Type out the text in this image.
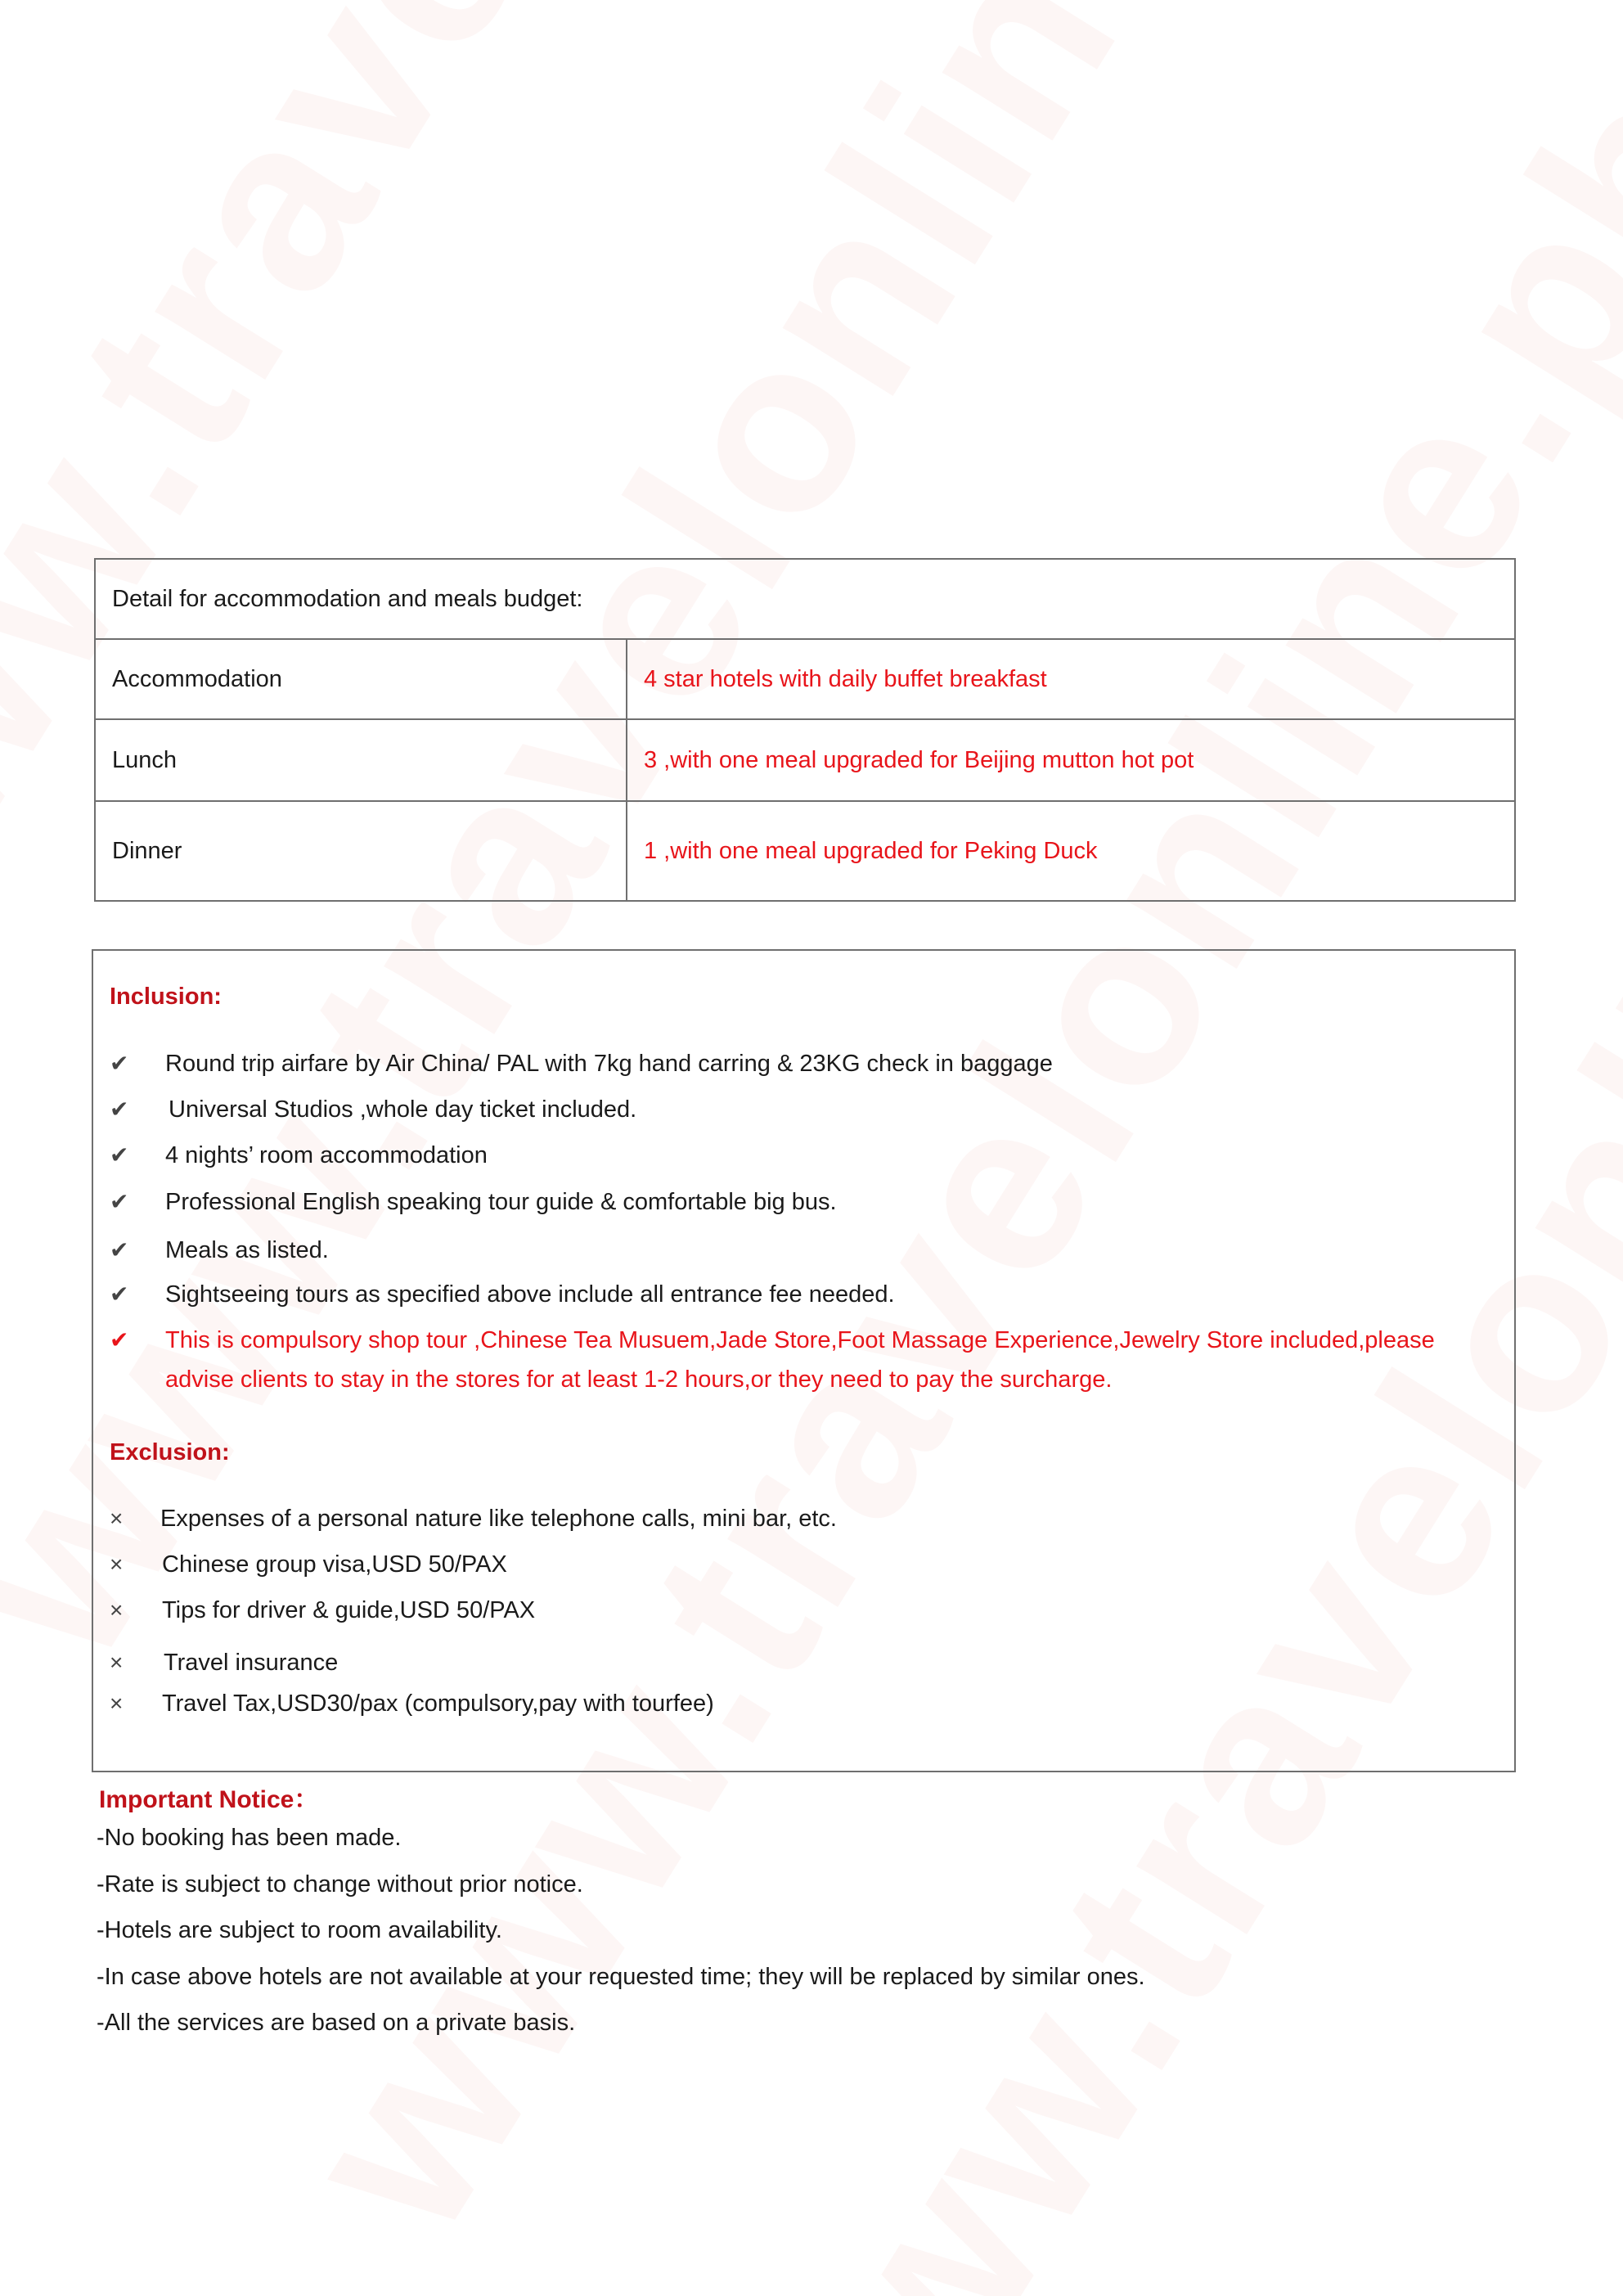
Detail for accommodation and meals budget:	
Accommodation	4 star hotels with daily buffet breakfast
Lunch	3 ,with one meal upgraded for Beijing mutton hot pot
Dinner	1 ,with one meal upgraded for Peking Duck
Inclusion:
✔	Round trip airfare by Air China/ PAL with 7kg hand carring & 23KG check in baggage
✔	Universal Studios ,whole day ticket included.
✔	4 nights’ room accommodation
✔	Professional English speaking tour guide & comfortable big bus.
✔	Meals as listed.
✔	Sightseeing tours as specified above include all entrance fee needed.
✔	This is compulsory shop tour ,Chinese Tea Musuem,Jade Store,Foot Massage Experience,Jewelry Store included,please advise clients to stay in the stores for at least 1-2 hours,or they need to pay the surcharge.
Exclusion:
×	Expenses of a personal nature like telephone calls, mini bar, etc.
×	Chinese group visa,USD 50/PAX
×	Tips for driver & guide,USD 50/PAX
×	Travel insurance
×	Travel Tax,USD30/pax (compulsory,pay with tourfee)
Important Notice：
-No booking has been made.
-Rate is subject to change without prior notice.
-Hotels are subject to room availability.
-In case above hotels are not available at your requested time; they will be replaced by similar ones.
-All the services are based on a private basis.
